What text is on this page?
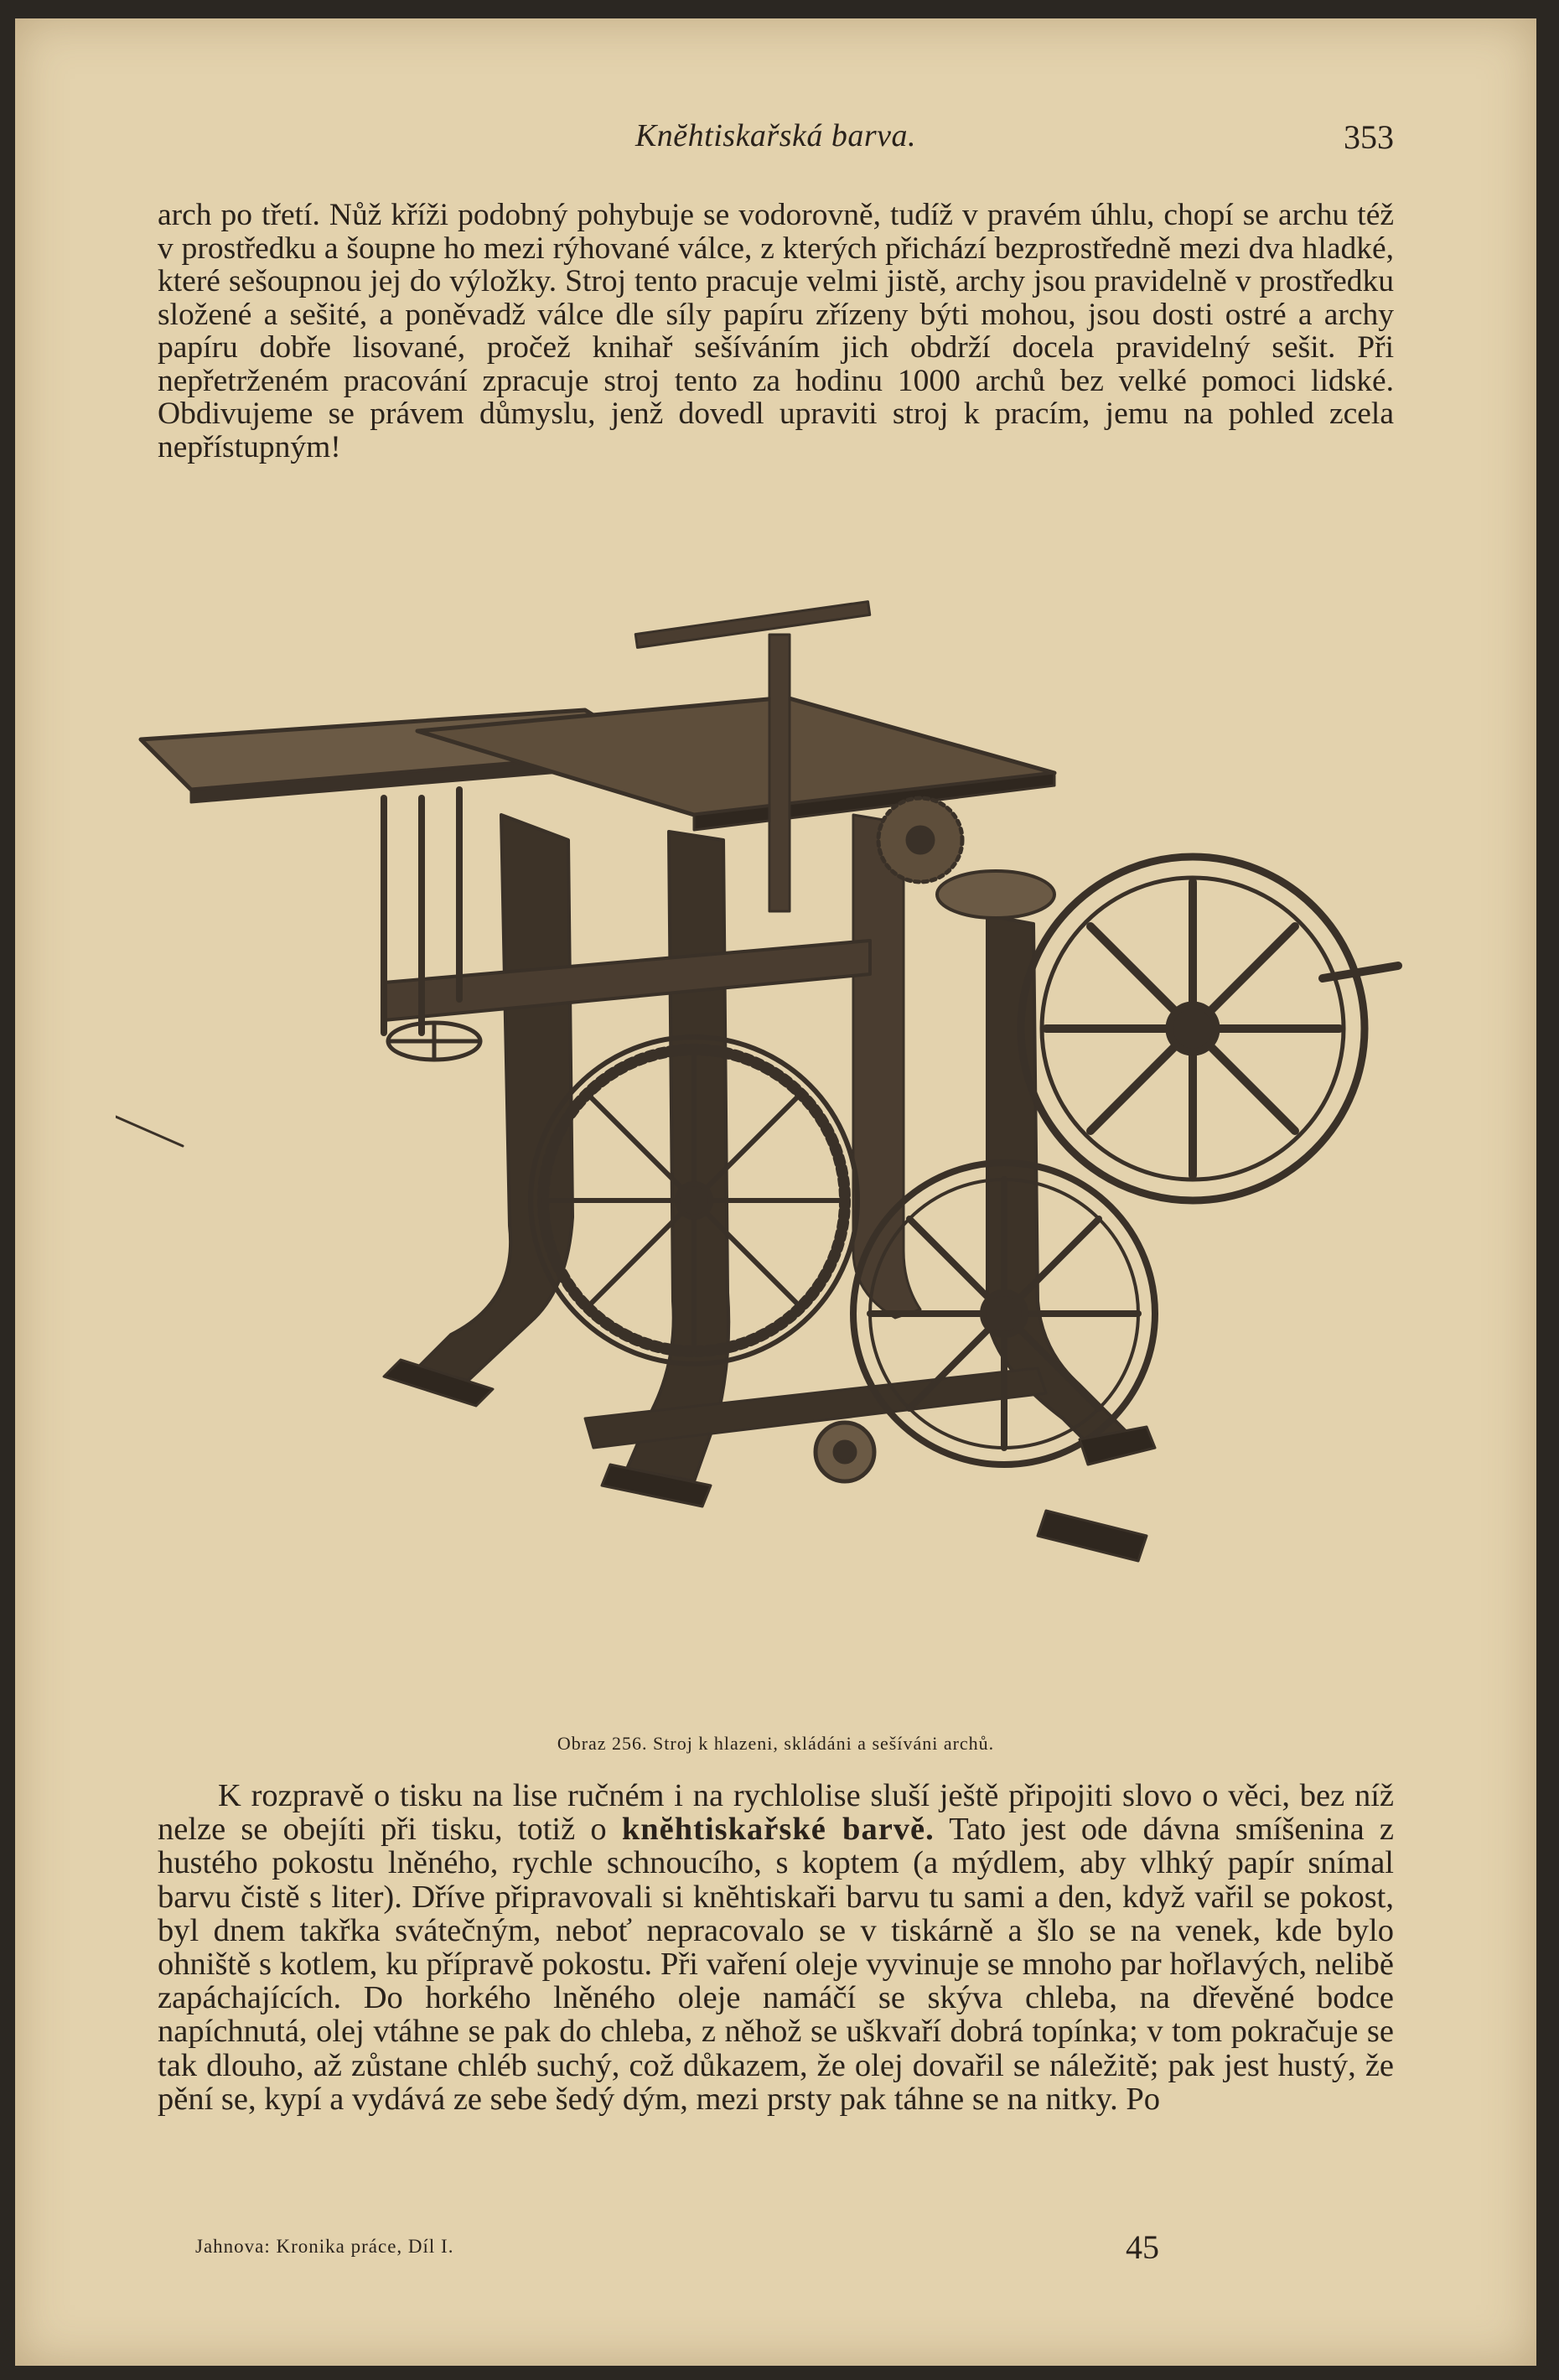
Knĕhtiskařská barva.	353

arch po třetí. Nůž kříži podobný pohybuje se vodorovně, tudíž v pravém úhlu, chopí se archu též v prostředku a šoupne ho mezi rýhované válce, z kterých přichází bezprostředně mezi dva hladké, které sešoupnou jej do výložky. Stroj tento pracuje velmi jistě, archy jsou pravidelně v prostředku složené a sešité, a poněvadž válce dle síly papíru zřízeny býti mohou, jsou dosti ostré a archy papíru dobře lisované, pročež knihař sešíváním jich obdrží docela pravidelný sešit. Při nepřetrženém pracování zpracuje stroj tento za hodinu 1000 archů bez velké pomoci lidské. Obdivujeme se právem důmyslu, jenž dovedl upraviti stroj k pracím, jemu na pohled zcela nepřístupným!

Obraz 256. Stroj k hlazeni, skládáni a sešíváni archů.

K rozpravě o tisku na lise ručném i na rychlolise sluší ještě připojiti slovo o věci, bez níž nelze se obejíti při tisku, totiž o knĕhtiskařské barvě. Tato jest ode dávna smíšenina z hustého pokostu lněného, rychle schnoucího, s koptem (a mýdlem, aby vlhký papír snímal barvu čistě s liter). Dříve připravovali si knĕhtiskaři barvu tu sami a den, když vařil se pokost, byl dnem takřka svátečným, neboť nepracovalo se v tiskárně a šlo se na venek, kde bylo ohniště s kotlem, ku přípravě pokostu. Při vaření oleje vyvinuje se mnoho par hořlavých, nelibě zapáchajících. Do horkého lněného oleje namáčí se skýva chleba, na dřevěné bodce napíchnutá, olej vtáhne se pak do chleba, z něhož se uškvaří dobrá topínka; v tom pokračuje se tak dlouho, až zůstane chléb suchý, což důkazem, že olej dovařil se náležitě; pak jest hustý, že pění se, kypí a vydává ze sebe šedý dým, mezi prsty pak táhne se na nitky. Po

Jahnova: Kronika práce, Díl I.	45
